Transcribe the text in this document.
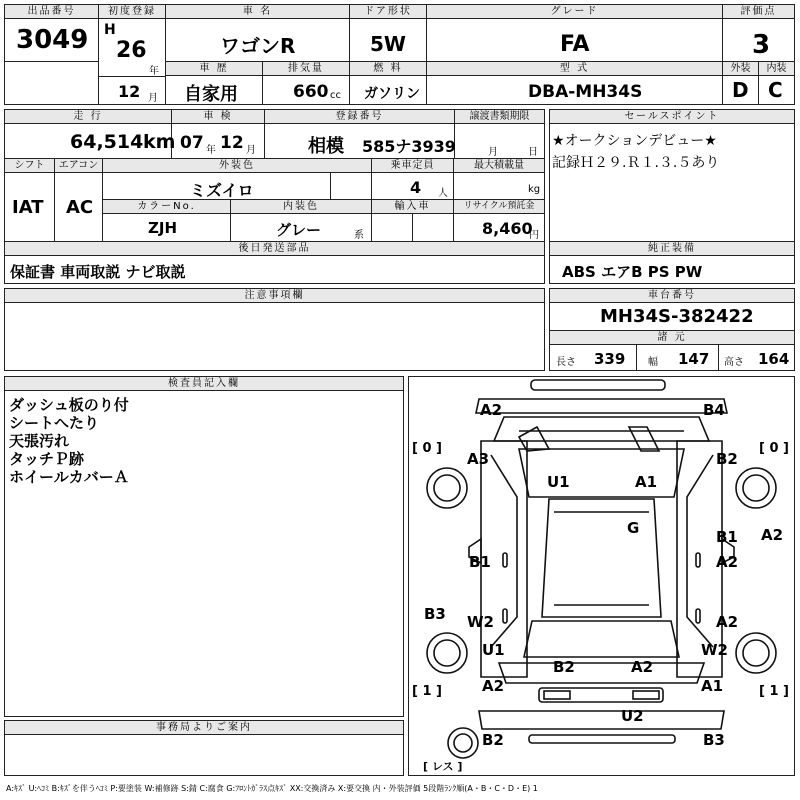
出品番号
3049
初度登録
H
26
年
12 月
車 名
ワゴンR
ドア形状
5W
グレード
FA
評価点
3
車 歴
自家用
排気量
660 cc
燃 料
ガソリン
型 式
DBA-MH34S
外装	内装
D C
走 行
64,514 km
車 検
07 年 12 月
登録番号
相模 585ナ3939
譲渡書類期限
月	日
シフト
IAT
エアコン
AC
外装色
ミズイロ
乗車定員
4 人
最大積載量
kg
カラーNo.
ZJH
内装色
グレー	系
輸入車	リサイクル預託金
8,460
円
後日発送部品
保証書 車両取説 ナビ取説
セールスポイント
★オークションデビュー★
記録Ｈ２９.Ｒ１.３.５あり
純正装備
ABS エアB PS PW
注意事項欄	車台番号
MH34S-382422
諸 元
長さ 339 幅 147 高さ 164
検査員記入欄
ダッシュ板のり付
シートへたり
天張汚れ
タッチＰ跡
ホイールカバーＡ
事務局よりご案内
A2	B4
A3	B2
U1	A1
G	A2
B1
A2
B1
B3 W2	A2
U1	W2
B2	A2
A2	A1
U2
B2	B3
[ 0 ]	[ 0 ]
[ 1 ]	[ 1 ]
[ レス ]
A:ｷｽﾞ U:ﾍｺﾐ B:ｷｽﾞを伴うﾍｺﾐ P:要塗装 W:補修跡 S:錆 C:腐食 G:ﾌﾛﾝﾄｶﾞﾗｽ点ｷｽﾞ XX:交換済み X:要交換 内・外装評価 5段階ﾗﾝｸ順(A・B・C・D・E) 1
